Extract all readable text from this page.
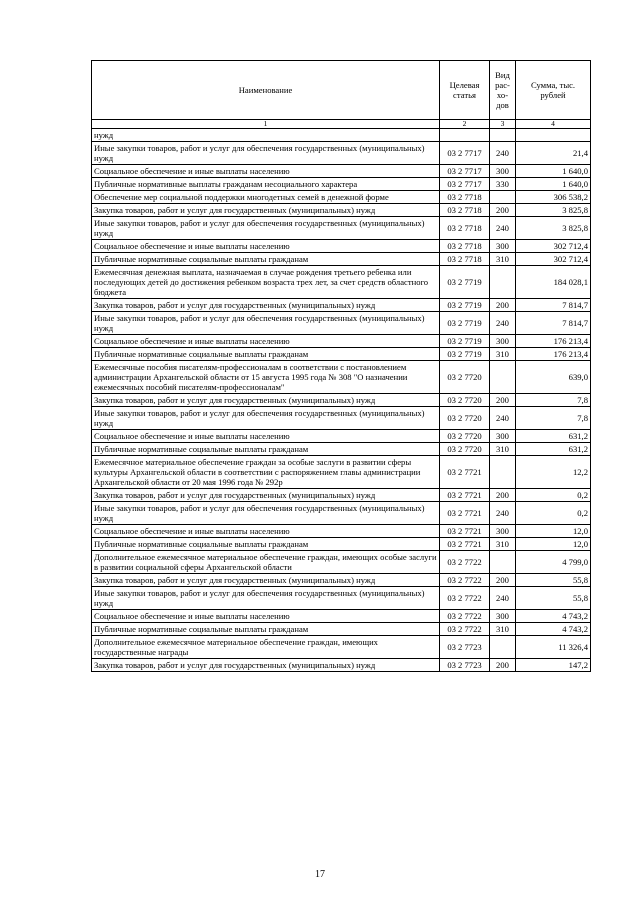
Наименование	Целевая статья	Вид рас-хо-дов	Сумма, тыс. рублей
1	2	3	4
нужд			
Иные закупки товаров, работ и услуг для обеспечения государственных (муниципальных) нужд	03 2 7717	240	21,4
Социальное обеспечение и иные выплаты населению	03 2 7717	300	1 640,0
Публичные нормативные выплаты гражданам несоциального характера	03 2 7717	330	1 640,0
Обеспечение мер социальной поддержки многодетных семей в денежной форме	03 2 7718		306 538,2
Закупка товаров, работ и услуг для государственных (муниципальных) нужд	03 2 7718	200	3 825,8
Иные закупки товаров, работ и услуг для обеспечения государственных (муниципальных) нужд	03 2 7718	240	3 825,8
Социальное обеспечение и иные выплаты населению	03 2 7718	300	302 712,4
Публичные нормативные социальные выплаты гражданам	03 2 7718	310	302 712,4
Ежемесячная денежная выплата, назначаемая в случае рождения третьего ребенка или последующих детей до достижения ребенком возраста трех лет, за счет средств областного бюджета	03 2 7719		184 028,1
Закупка товаров, работ и услуг для государственных (муниципальных) нужд	03 2 7719	200	7 814,7
Иные закупки товаров, работ и услуг для обеспечения государственных (муниципальных) нужд	03 2 7719	240	7 814,7
Социальное обеспечение и иные выплаты населению	03 2 7719	300	176 213,4
Публичные нормативные социальные выплаты гражданам	03 2 7719	310	176 213,4
Ежемесячные пособия писателям-профессионалам в соответствии с постановлением администрации Архангельской области от 15 августа 1995 года № 308 "О назначении ежемесячных пособий писателям-профессионалам"	03 2 7720		639,0
Закупка товаров, работ и услуг для государственных (муниципальных) нужд	03 2 7720	200	7,8
Иные закупки товаров, работ и услуг для обеспечения государственных (муниципальных) нужд	03 2 7720	240	7,8
Социальное обеспечение и иные выплаты населению	03 2 7720	300	631,2
Публичные нормативные социальные выплаты гражданам	03 2 7720	310	631,2
Ежемесячное материальное обеспечение граждан за особые заслуги в развитии сферы культуры Архангельской области в соответствии с распоряжением главы администрации Архангельской области от 20 мая 1996 года № 292р	03 2 7721		12,2
Закупка товаров, работ и услуг для государственных (муниципальных) нужд	03 2 7721	200	0,2
Иные закупки товаров, работ и услуг для обеспечения государственных (муниципальных) нужд	03 2 7721	240	0,2
Социальное обеспечение и иные выплаты населению	03 2 7721	300	12,0
Публичные нормативные социальные выплаты гражданам	03 2 7721	310	12,0
Дополнительное ежемесячное материальное обеспечение граждан, имеющих особые заслуги в развитии социальной сферы Архангельской области	03 2 7722		4 799,0
Закупка товаров, работ и услуг для государственных (муниципальных) нужд	03 2 7722	200	55,8
Иные закупки товаров, работ и услуг для обеспечения государственных (муниципальных) нужд	03 2 7722	240	55,8
Социальное обеспечение и иные выплаты населению	03 2 7722	300	4 743,2
Публичные нормативные социальные выплаты гражданам	03 2 7722	310	4 743,2
Дополнительное ежемесячное материальное обеспечение граждан, имеющих государственные награды	03 2 7723		11 326,4
Закупка товаров, работ и услуг для государственных (муниципальных) нужд	03 2 7723	200	147,2
17
